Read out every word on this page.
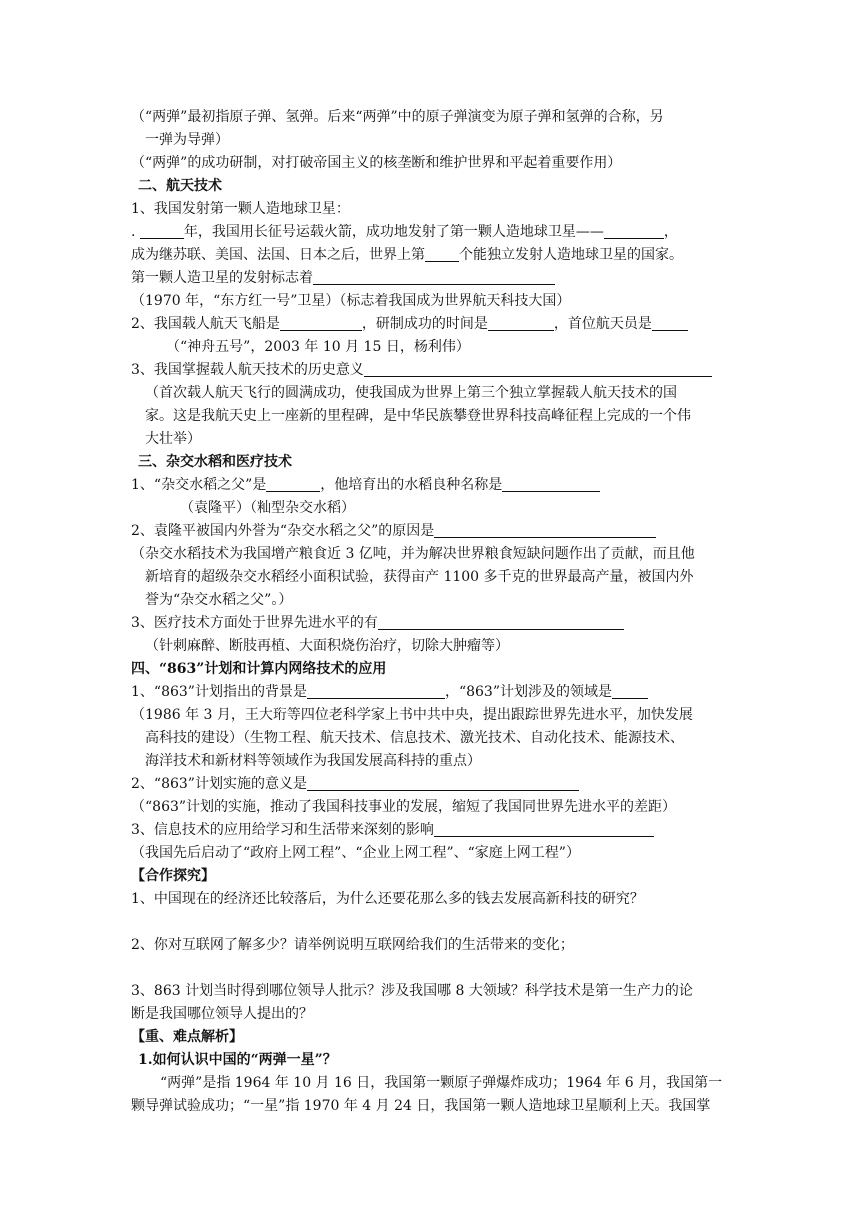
（“两弹”最初指原子弹、氢弹。后来“两弹”中的原子弹演变为原子弹和氢弹的合称，另
一弹为导弹）
（“两弹”的成功研制，对打破帝国主义的核垄断和维护世界和平起着重要作用）
二、航天技术
1、我国发射第一颗人造地球卫星：
.	年，我国用长征号运载火箭，成功地发射了第一颗人造地球卫星——	，
成为继苏联、美国、法国、日本之后，世界上第 个能独立发射人造地球卫星的国家。
第一颗人造卫星的发射标志着
（1970 年，“东方红一号”卫星）（标志着我国成为世界航天科技大国）
2、我国载人航天飞船是	，研制成功的时间是	，首位航天员是
（“神舟五号”，2003 年 10 月 15 日，杨利伟）
3、我国掌握载人航天技术的历史意义
（首次载人航天飞行的圆满成功，使我国成为世界上第三个独立掌握载人航天技术的国
家。这是我航天史上一座新的里程碑，是中华民族攀登世界科技高峰征程上完成的一个伟
大壮举）
三、杂交水稻和医疗技术
1、“杂交水稻之父”是	，他培育出的水稻良种名称是
（袁隆平）（籼型杂交水稻）
2、袁隆平被国内外誉为“杂交水稻之父”的原因是
（杂交水稻技术为我国增产粮食近 3 亿吨，并为解决世界粮食短缺问题作出了贡献，而且他
新培育的超级杂交水稻经小面积试验，获得亩产 1100 多千克的世界最高产量，被国内外
誉为“杂交水稻之父”。）
3、医疗技术方面处于世界先进水平的有
（针刺麻醉、断肢再植、大面积烧伤治疗，切除大肿瘤等）
四、“863”计划和计算内网络技术的应用
1、“863”计划指出的背景是	，“863”计划涉及的领域是
（1986 年 3 月，王大珩等四位老科学家上书中共中央，提出跟踪世界先进水平，加快发展
高科技的建设）（生物工程、航天技术、信息技术、激光技术、自动化技术、能源技术、
海洋技术和新材料等领域作为我国发展高科持的重点）
2、“863”计划实施的意义是
（“863”计划的实施，推动了我国科技事业的发展，缩短了我国同世界先进水平的差距）
3、信息技术的应用给学习和生活带来深刻的影响
（我国先后启动了“政府上网工程”、“企业上网工程”、“家庭上网工程”）
【合作探究】
1、中国现在的经济还比较落后，为什么还要花那么多的钱去发展高新科技的研究？
2、你对互联网了解多少？请举例说明互联网给我们的生活带来的变化；
3、863 计划当时得到哪位领导人批示？涉及我国哪 8 大领域？科学技术是第一生产力的论
断是我国哪位领导人提出的？
【重、难点解析】
1.如何认识中国的“两弹一星”？
“两弹”是指 1964 年 10 月 16 日，我国第一颗原子弹爆炸成功；1964 年 6 月，我国第一
颗导弹试验成功；“一星”指 1970 年 4 月 24 日，我国第一颗人造地球卫星顺利上天。我国掌
